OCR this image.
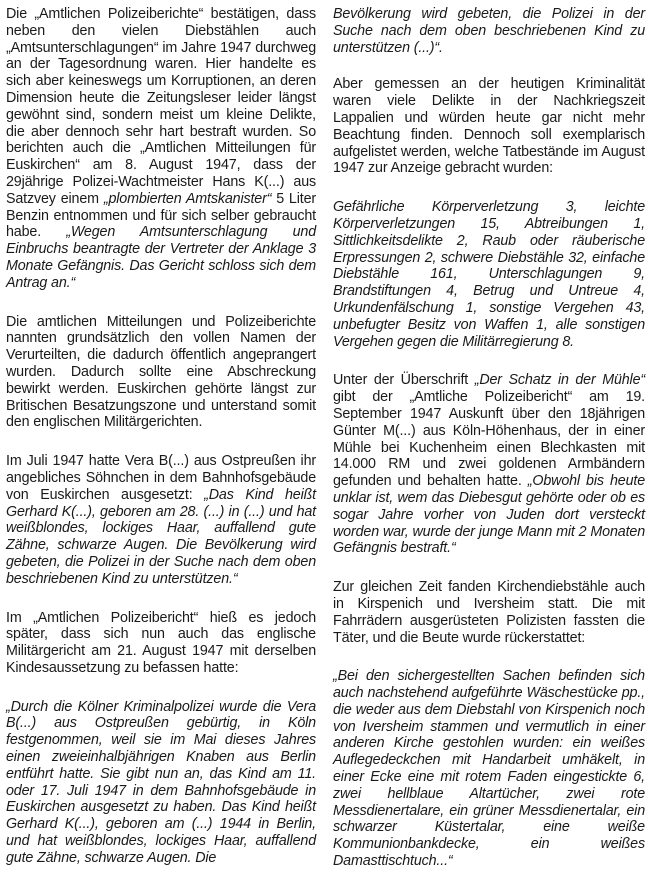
Die „Amtlichen Polizeiberichte“ bestätigen, dass neben den vielen Diebstählen auch „Amtsunterschlagungen“ im Jahre 1947 durchweg an der Tagesordnung waren. Hier handelte es sich aber keineswegs um Korruptionen, an deren Dimension heute die Zeitungsleser leider längst gewöhnt sind, sondern meist um kleine Delikte, die aber dennoch sehr hart bestraft wurden. So berichten auch die „Amtlichen Mitteilungen für Euskirchen“ am 8. August 1947, dass der 29jährige Polizei-Wachtmeister Hans K(...) aus Satzvey einem „plombierten Amtskanister“ 5 Liter Benzin entnommen und für sich selber gebraucht habe. „Wegen Amtsunterschlagung und Einbruchs beantragte der Vertreter der Anklage 3 Monate Gefängnis. Das Gericht schloss sich dem Antrag an.“

Die amtlichen Mitteilungen und Polizeiberichte nannten grundsätzlich den vollen Namen der Verurteilten, die dadurch öffentlich angeprangert wurden. Dadurch sollte eine Abschreckung bewirkt werden. Euskirchen gehörte längst zur Britischen Besatzungszone und unterstand somit den englischen Militärgerichten.

Im Juli 1947 hatte Vera B(...) aus Ostpreußen ihr angebliches Söhnchen in dem Bahnhofsgebäude von Euskirchen ausgesetzt: „Das Kind heißt Gerhard K(...), geboren am 28. (...) in (...) und hat weißblondes, lockiges Haar, auffallend gute Zähne, schwarze Augen. Die Bevölkerung wird gebeten, die Polizei in der Suche nach dem oben beschriebenen Kind zu unterstützen.“

Im „Amtlichen Polizeibericht“ hieß es jedoch später, dass sich nun auch das englische Militärgericht am 21. August 1947 mit derselben Kindesaussetzung zu befassen hatte:

„Durch die Kölner Kriminalpolizei wurde die Vera B(...) aus Ostpreußen gebürtig, in Köln festgenommen, weil sie im Mai dieses Jahres einen zweieinhalbjährigen Knaben aus Berlin entführt hatte. Sie gibt nun an, das Kind am 11. oder 17. Juli 1947 in dem Bahnhofsgebäude in Euskirchen ausgesetzt zu haben. Das Kind heißt Gerhard K(...), geboren am (...) 1944 in Berlin, und hat weißblondes, lockiges Haar, auffallend gute Zähne, schwarze Augen. Die

Bevölkerung wird gebeten, die Polizei in der Suche nach dem oben beschriebenen Kind zu unterstützen (...)“.

Aber gemessen an der heutigen Kriminalität waren viele Delikte in der Nachkriegszeit Lappalien und würden heute gar nicht mehr Beachtung finden. Dennoch soll exemplarisch aufgelistet werden, welche Tatbestände im August 1947 zur Anzeige gebracht wurden:

Gefährliche Körperverletzung 3, leichte Körperverletzungen 15, Abtreibungen 1, Sittlichkeitsdelikte 2, Raub oder räuberische Erpressungen 2, schwere Diebstähle 32, einfache Diebstähle 161, Unterschlagungen 9, Brandstiftungen 4, Betrug und Untreue 4, Urkundenfälschung 1, sonstige Vergehen 43, unbefugter Besitz von Waffen 1, alle sonstigen Vergehen gegen die Militärregierung 8.

Unter der Überschrift „Der Schatz in der Mühle“ gibt der „Amtliche Polizeibericht“ am 19. September 1947 Auskunft über den 18jährigen Günter M(...) aus Köln-Höhenhaus, der in einer Mühle bei Kuchenheim einen Blechkasten mit 14.000 RM und zwei goldenen Armbändern gefunden und behalten hatte. „Obwohl bis heute unklar ist, wem das Diebesgut gehörte oder ob es sogar Jahre vorher von Juden dort versteckt worden war, wurde der junge Mann mit 2 Monaten Gefängnis bestraft.“

Zur gleichen Zeit fanden Kirchendiebstähle auch in Kirspenich und Iversheim statt. Die mit Fahrrädern ausgerüsteten Polizisten fassten die Täter, und die Beute wurde rückerstattet:

„Bei den sichergestellten Sachen befinden sich auch nachstehend aufgeführte Wäschestücke pp., die weder aus dem Diebstahl von Kirspenich noch von Iversheim stammen und vermutlich in einer anderen Kirche gestohlen wurden: ein weißes Auflegedeckchen mit Handarbeit umhäkelt, in einer Ecke eine mit rotem Faden eingestickte 6, zwei hellblaue Altartücher, zwei rote Messdienertalare, ein grüner Messdienertalar, ein schwarzer Küstertalar, eine weiße Kommunionbankdecke, ein weißes Damasttischtuch...“
